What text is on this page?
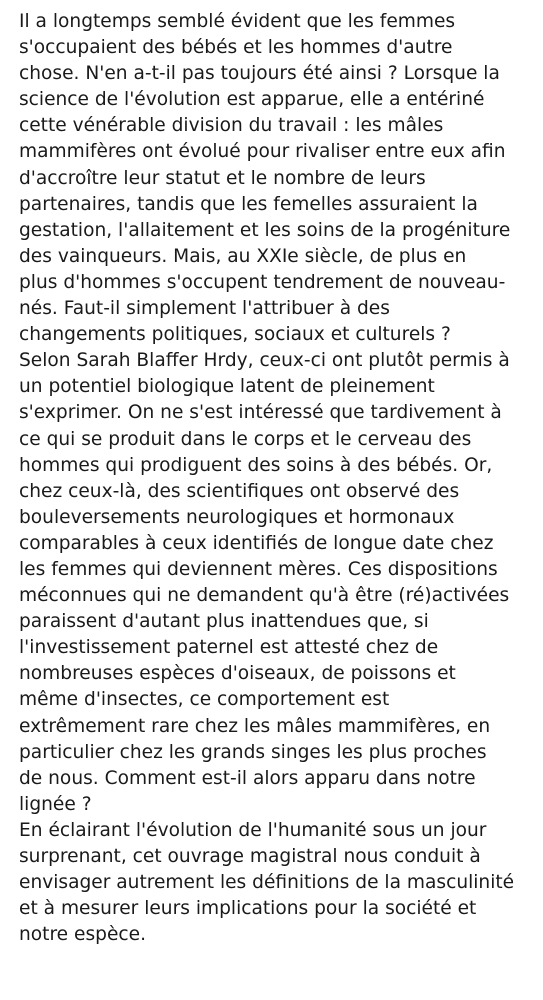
Il a longtemps semblé évident que les femmes
s'occupaient des bébés et les hommes d'autre
chose. N'en a-t-il pas toujours été ainsi ? Lorsque la
science de l'évolution est apparue, elle a entériné
cette vénérable division du travail : les mâles
mammifères ont évolué pour rivaliser entre eux afin
d'accroître leur statut et le nombre de leurs
partenaires, tandis que les femelles assuraient la
gestation, l'allaitement et les soins de la progéniture
des vainqueurs. Mais, au XXIe siècle, de plus en
plus d'hommes s'occupent tendrement de nouveau-
nés. Faut-il simplement l'attribuer à des
changements politiques, sociaux et culturels ?
Selon Sarah Blaffer Hrdy, ceux-ci ont plutôt permis à
un potentiel biologique latent de pleinement
s'exprimer. On ne s'est intéressé que tardivement à
ce qui se produit dans le corps et le cerveau des
hommes qui prodiguent des soins à des bébés. Or,
chez ceux-là, des scientifiques ont observé des
bouleversements neurologiques et hormonaux
comparables à ceux identifiés de longue date chez
les femmes qui deviennent mères. Ces dispositions
méconnues qui ne demandent qu'à être (ré)activées
paraissent d'autant plus inattendues que, si
l'investissement paternel est attesté chez de
nombreuses espèces d'oiseaux, de poissons et
même d'insectes, ce comportement est
extrêmement rare chez les mâles mammifères, en
particulier chez les grands singes les plus proches
de nous. Comment est-il alors apparu dans notre
lignée ?
En éclairant l'évolution de l'humanité sous un jour
surprenant, cet ouvrage magistral nous conduit à
envisager autrement les définitions de la masculinité
et à mesurer leurs implications pour la société et
notre espèce.
